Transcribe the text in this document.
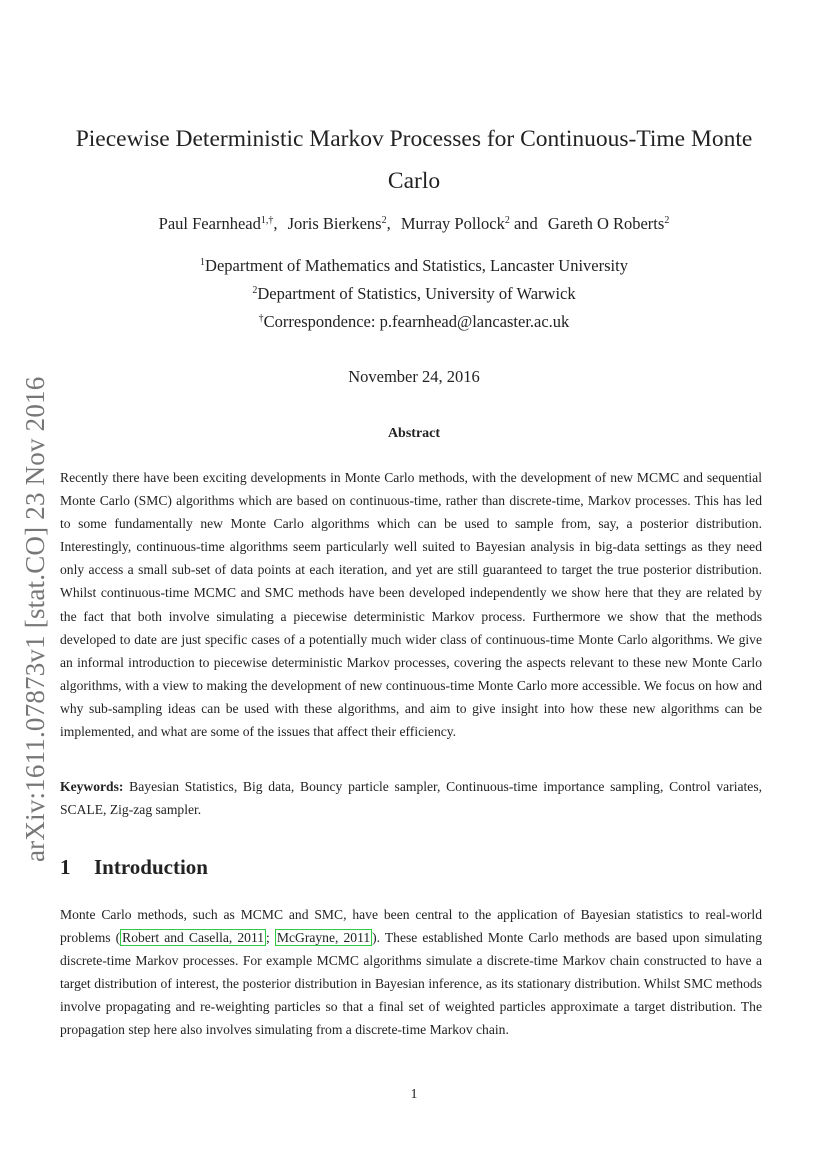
arXiv:1611.07873v1 [stat.CO] 23 Nov 2016
Piecewise Deterministic Markov Processes for Continuous-Time Monte Carlo
Paul Fearnhead$^{1,\dagger}$, Joris Bierkens$^2$, Murray Pollock$^2$ and Gareth O Roberts$^2$
$^1$Department of Mathematics and Statistics, Lancaster University
$^2$Department of Statistics, University of Warwick
†Correspondence: p.fearnhead@lancaster.ac.uk
November 24, 2016
Abstract

Recently there have been exciting developments in Monte Carlo methods, with the development of new MCMC and sequential Monte Carlo (SMC) algorithms which are based on continuous-time, rather than discrete-time, Markov processes. This has led to some fundamentally new Monte Carlo algorithms which can be used to sample from, say, a posterior distribution. Interestingly, continuous-time algorithms seem particularly well suited to Bayesian analysis in big-data settings as they need only access a small sub-set of data points at each iteration, and yet are still guaranteed to target the true posterior distribution. Whilst continuous-time MCMC and SMC methods have been developed independently we show here that they are related by the fact that both involve simulating a piecewise deterministic Markov process. Furthermore we show that the methods developed to date are just specific cases of a potentially much wider class of continuous-time Monte Carlo algorithms. We give an informal introduction to piecewise deterministic Markov processes, covering the aspects relevant to these new Monte Carlo algorithms, with a view to making the development of new continuous-time Monte Carlo more accessible. We focus on how and why sub-sampling ideas can be used with these algorithms, and aim to give insight into how these new algorithms can be implemented, and what are some of the issues that affect their efficiency.

Keywords: Bayesian Statistics, Big data, Bouncy particle sampler, Continuous-time importance sampling, Control variates, SCALE, Zig-zag sampler.

1 Introduction

Monte Carlo methods, such as MCMC and SMC, have been central to the application of Bayesian statistics to real-world problems ( Robert and Casella, 2011 ; McGrayne, 2011 ). These established Monte Carlo methods are based upon simulating discrete-time Markov processes. For example MCMC algorithms simulate a discrete-time Markov chain constructed to have a target distribution of interest, the posterior distribution in Bayesian inference, as its stationary distribution. Whilst SMC methods involve propagating and re-weighting particles so that a final set of weighted particles approximate a target distribution. The propagation step here also involves simulating from a discrete-time Markov chain.

1
